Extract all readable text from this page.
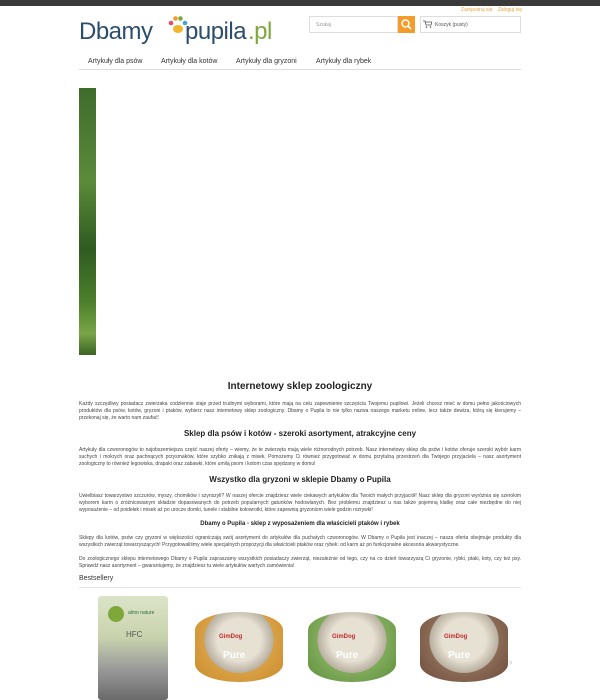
Zarejestruj się Zaloguj się
Dbamy pupila .pl	Szukaj	Koszyk (pusty)
Artykuły dla psów	Artykuły dla kotów	Artykuły dla gryzoni	Artykuły dla rybek
Internetowy sklep zoologiczny

Każdy szczęśliwy posiadacz zwierzaka codziennie staje przed trudnymi wyborami, które mają na celu zapewnienie szczęścia Twojemu pupilowi. Jeżeli chcesz mieć w domu pełno jakościowych produktów dla psów, kotów, gryzoni i ptaków, wybierz nasz internetowy sklep zoologiczny. Dbamy o Pupila to nie tylko nazwa naszego marketu online, lecz także dewiza, którą się kierujemy – przekonaj się, że warto nam zaufać!

Sklep dla psów i kotów - szeroki asortyment, atrakcyjne ceny

Artykuły dla czworonogów to najobszerniejsza część naszej oferty – wiemy, że te zwierzęta mają wiele różnorodnych potrzeb. Nasz internetowy sklep dla psów i kotów oferuje szeroki wybór karm suchych i mokrych oraz pachnących przysmaków, które szybko znikają z misek. Pomożemy Ci również przygotować w domu przytulną przestrzeń dla Twojego przyjaciela – nasz asortyment zoologiczny to również legowiska, drapaki oraz zabawki, które umilą psom i kotom czas spędzany w domu!

Wszystko dla gryzoni w sklepie Dbamy o Pupila

Uwielbiasz towarzystwo szczurów, myszy, chomików i szynszyli? W naszej ofercie znajdziesz wiele ciekawych artykułów dla Twoich małych przyjaciół! Nasz sklep dla gryzoni wyróżnia się szerokim wyborem karm o zróżnicowanym składzie dopasowanych do potrzeb popularnych gatunków hodowlanych. Bez problemu znajdziesz u nas także pojemną klatkę oraz całe niezbędne do niej wyposażenie – od poidełek i misek aż po urocze domki, tunele i stabilne kołowrotki, które zapewnią gryzoniom wiele godzin rozrywki!

Dbamy o Pupila - sklep z wyposażeniem dla właścicieli ptaków i rybek

Sklepy dla kotów, psów czy gryzoni w większości ograniczają swój asortyment do artykułów dla puchatych czworonogów. W Dbamy o Pupila jest inaczej – nasza oferta obejmuje produkty dla wszystkich zwierząt towarzyszących! Przygotowaliśmy wiele specjalnych propozycji dla właścicieli ptaków oraz rybek: od karm aż po funkcjonalne akcesoria akwarystyczne.

Do zoologicznego sklepu internetowego Dbamy o Pupila zapraszamy wszystkich posiadaczy zwierząt, niezależnie od tego, czy na co dzień towarzyszą Ci gryzonie, rybki, ptaki, koty, czy też psy. Sprawdź nasz asortyment – gwarantujemy, że znajdziesz tu wiele artykułów wartych zamówienia!

Bestsellery
almo nature
HFC	GimDog
Pure
GimDog
Pure
GimDog
Pure
›
